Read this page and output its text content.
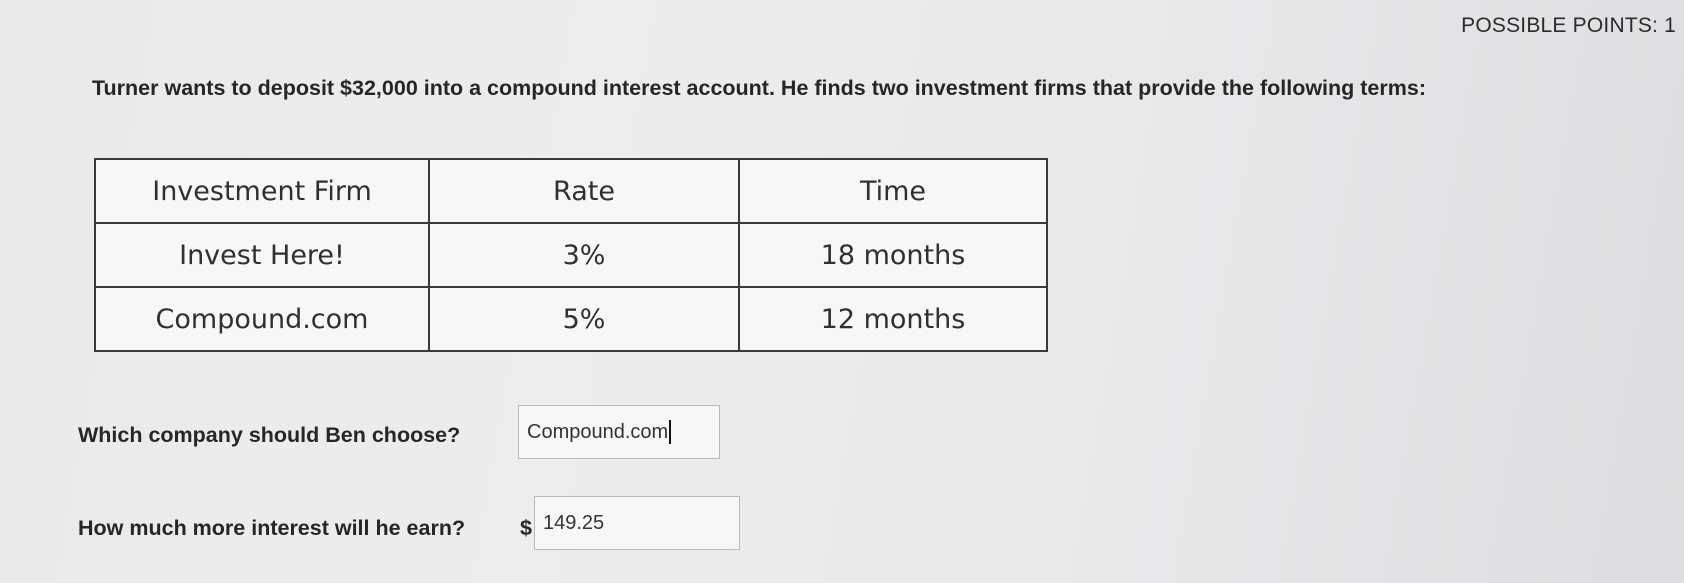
POSSIBLE POINTS: 1
Turner wants to deposit $32,000 into a compound interest account. He finds two investment firms that provide the following terms:
Investment Firm	Rate	Time
Invest Here!	3%	18 months
Compound.com	5%	12 months
Which company should Ben choose?	Compound.com
How much more interest will he earn?	$ 149.25
